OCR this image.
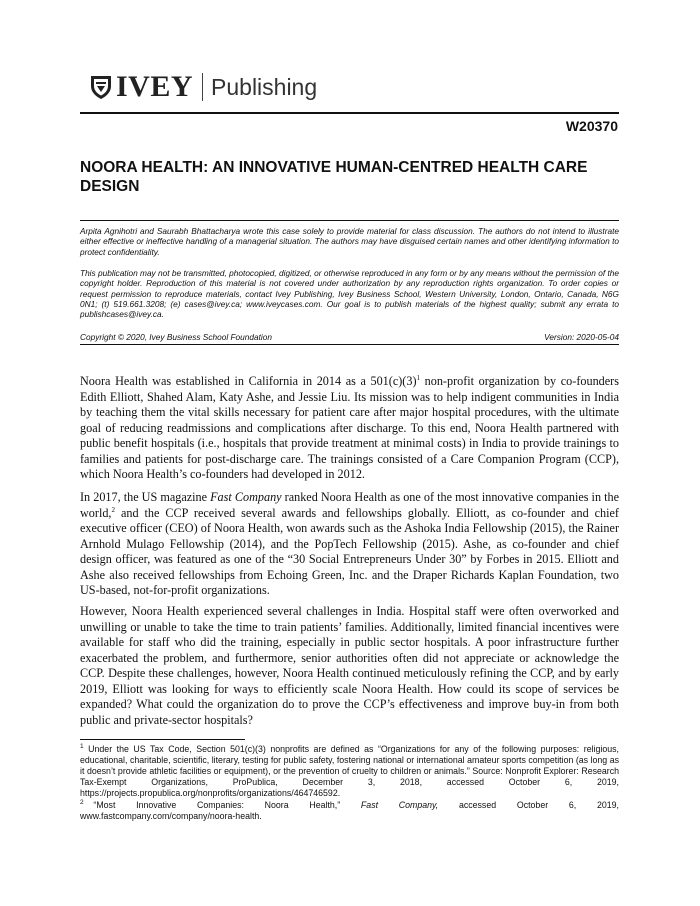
IVEY Publishing
W20370
NOORA HEALTH: AN INNOVATIVE HUMAN-CENTRED HEALTH CARE DESIGN

Arpita Agnihotri and Saurabh Bhattacharya wrote this case solely to provide material for class discussion. The authors do not intend to illustrate either effective or ineffective handling of a managerial situation. The authors may have disguised certain names and other identifying information to protect confidentiality.

This publication may not be transmitted, photocopied, digitized, or otherwise reproduced in any form or by any means without the permission of the copyright holder. Reproduction of this material is not covered under authorization by any reproduction rights organization. To order copies or request permission to reproduce materials, contact Ivey Publishing, Ivey Business School, Western University, London, Ontario, Canada, N6G 0N1; (t) 519.661.3208; (e) cases@ivey.ca; www.iveycases.com. Our goal is to publish materials of the highest quality; submit any errata to publishcases@ivey.ca.

Copyright © 2020, Ivey Business School Foundation	Version: 2020-05-04

Noora Health was established in California in 2014 as a $501(c)(3)^1$ non-profit organization by co-founders Edith Elliott, Shahed Alam, Katy Ashe, and Jessie Liu. Its mission was to help indigent communities in India by teaching them the vital skills necessary for patient care after major hospital procedures, with the ultimate goal of reducing readmissions and complications after discharge. To this end, Noora Health partnered with public benefit hospitals (i.e., hospitals that provide treatment at minimal costs) in India to provide trainings to families and patients for post-discharge care. The trainings consisted of a Care Companion Program (CCP), which Noora Health’s co-founders had developed in 2012.

In 2017, the US magazine Fast Company ranked Noora Health as one of the most innovative companies in the world,$^2$ and the CCP received several awards and fellowships globally. Elliott, as co-founder and chief executive officer (CEO) of Noora Health, won awards such as the Ashoka India Fellowship (2015), the Rainer Arnhold Mulago Fellowship (2014), and the PopTech Fellowship (2015). Ashe, as co-founder and chief design officer, was featured as one of the “30 Social Entrepreneurs Under 30” by Forbes in 2015. Elliott and Ashe also received fellowships from Echoing Green, Inc. and the Draper Richards Kaplan Foundation, two US-based, not-for-profit organizations.

However, Noora Health experienced several challenges in India. Hospital staff were often overworked and unwilling or unable to take the time to train patients’ families. Additionally, limited financial incentives were available for staff who did the training, especially in public sector hospitals. A poor infrastructure further exacerbated the problem, and furthermore, senior authorities often did not appreciate or acknowledge the CCP. Despite these challenges, however, Noora Health continued meticulously refining the CCP, and by early 2019, Elliott was looking for ways to efficiently scale Noora Health. How could its scope of services be expanded? What could the organization do to prove the CCP’s effectiveness and improve buy-in from both public and private-sector hospitals?

$^1$ Under the US Tax Code, Section 501(c)(3) nonprofits are defined as “Organizations for any of the following purposes: religious, educational, charitable, scientific, literary, testing for public safety, fostering national or international amateur sports competition (as long as it doesn’t provide athletic facilities or equipment), or the prevention of cruelty to children or animals.” Source: Nonprofit Explorer: Research Tax-Exempt Organizations, ProPublica, December 3, 2018, accessed October 6, 2019, https://projects.propublica.org/nonprofits/organizations/464746592.

$^2$ “Most Innovative Companies: Noora Health,” Fast Company, accessed October 6, 2019,

www.fastcompany.com/company/noora-health.
